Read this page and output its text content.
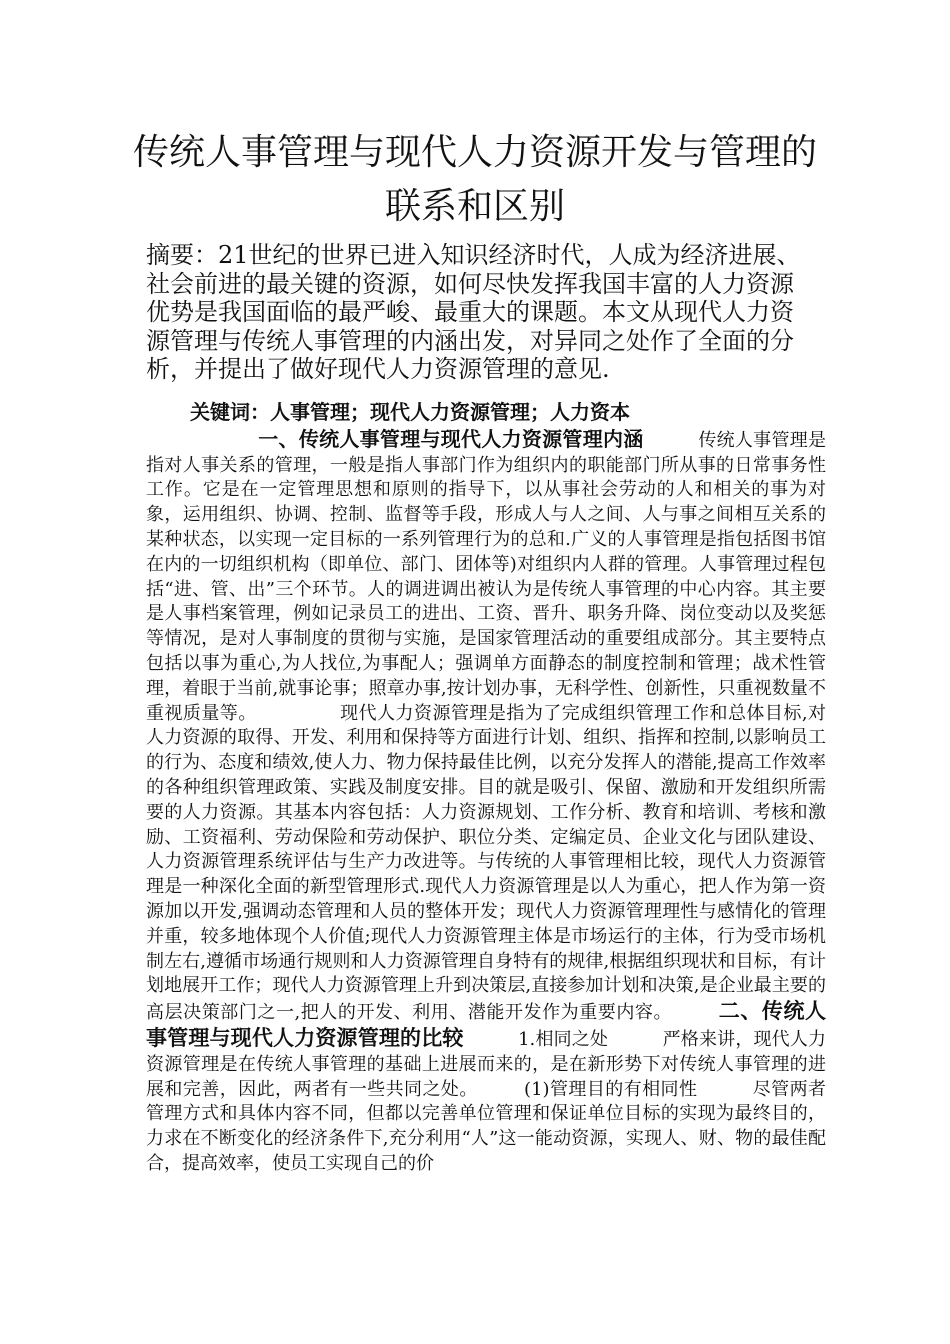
传统人事管理与现代人力资源开发与管理的联系和区别

摘要：21世纪的世界已进入知识经济时代，人成为经济进展、社会前进的最关键的资源，如何尽快发挥我国丰富的人力资源优势是我国面临的最严峻、最重大的课题。本文从现代人力资源管理与传统人事管理的内涵出发，对异同之处作了全面的分析，并提出了做好现代人力资源管理的意见.

关键词：人事管理；现代人力资源管理；人力资本
一、传统人事管理与现代人力资源管理内涵　　　	传统人事管理是指对人事关系的管理，一般是指人事部门作为组织内的职能部门所从事的日常事务性工作。它是在一定管理思想和原则的指导下，以从事社会劳动的人和相关的事为对象，运用组织、协调、控制、监督等手段，形成人与人之间、人与事之间相互关系的某种状态，以实现一定目标的一系列管理行为的总和.广义的人事管理是指包括图书馆在内的一切组织机构（即单位、部门、团体等)对组织内人群的管理。人事管理过程包括“进、管、出”三个环节。人的调进调出被认为是传统人事管理的中心内容。其主要是人事档案管理，例如记录员工的进出、工资、晋升、职务升降、岗位变动以及奖惩等情况，是对人事制度的贯彻与实施，是国家管理活动的重要组成部分。其主要特点包括以事为重心,为人找位,为事配人；强调单方面静态的制度控制和管理；战术性管理，着眼于当前,就事论事；照章办事,按计划办事，无科学性、创新性，只重视数量不重视质量等。　　　　　	现代人力资源管理是指为了完成组织管理工作和总体目标,对人力资源的取得、开发、利用和保持等方面进行计划、组织、指挥和控制,以影响员工的行为、态度和绩效,使人力、物力保持最佳比例，以充分发挥人的潜能,提高工作效率的各种组织管理政策、实践及制度安排。目的就是吸引、保留、激励和开发组织所需要的人力资源。其基本内容包括：人力资源规划、工作分析、教育和培训、考核和激励、工资福利、劳动保险和劳动保护、职位分类、定编定员、企业文化与团队建设、人力资源管理系统评估与生产力改进等。与传统的人事管理相比较，现代人力资源管理是一种深化全面的新型管理形式.现代人力资源管理是以人为重心，把人作为第一资源加以开发,强调动态管理和人员的整体开发；现代人力资源管理理性与感情化的管理并重，较多地体现个人价值;现代人力资源管理主体是市场运行的主体，行为受市场机制左右,遵循市场通行规则和人力资源管理自身特有的规律,根据组织现状和目标，有计划地展开工作；现代人力资源管理上升到决策层,直接参加计划和决策,是企业最主要的高层决策部门之一,把人的开发、利用、潜能开发作为重要内容。　　　	二、传统人事管理与现代人力资源管理的比较　　　	1.相同之处　　　	严格来讲，现代人力资源管理是在传统人事管理的基础上进展而来的，是在新形势下对传统人事管理的进展和完善，因此，两者有一些共同之处。　　　	(1)管理目的有相同性　　　	尽管两者管理方式和具体内容不同，但都以完善单位管理和保证单位目标的实现为最终目的，力求在不断变化的经济条件下,充分利用“人”这一能动资源，实现人、财、物的最佳配合，提高效率，使员工实现自己的价
